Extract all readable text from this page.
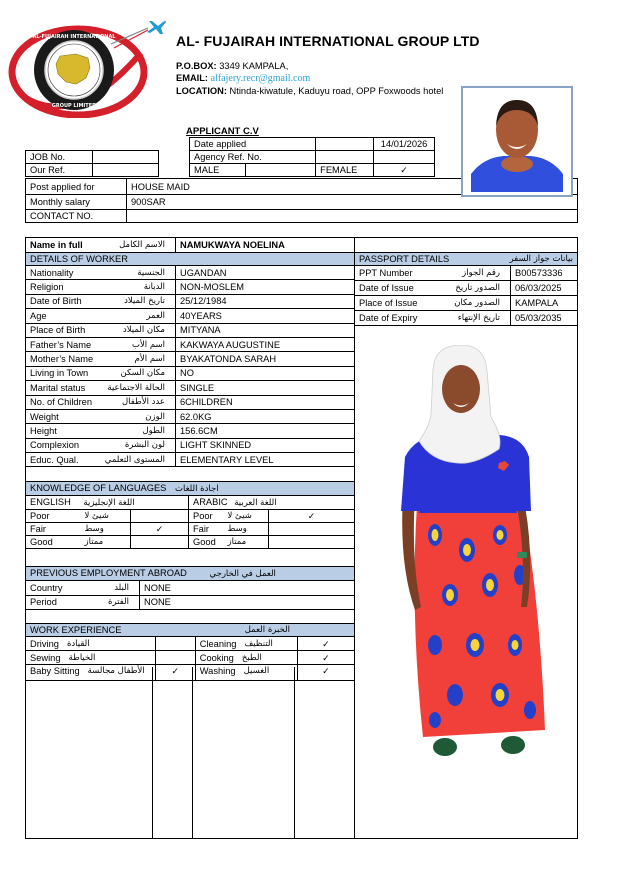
AL-FUJAIRAH INTERNATIONAL
GROUP LIMITED
AL- FUJAIRAH INTERNATIONAL GROUP LTD
P.O.BOX: 3349 KAMPALA,
EMAIL: alfajery.recr@gmail.com
LOCATION: Ntinda-kiwatule, Kaduyu road, OPP Foxwoods hotel
APPLICANT C.V
JOB No.	
Our Ref.	
Date applied			14/01/2026
Agency Ref. No.			
MALE		FEMALE	✓
Post applied for	HOUSE MAID
Monthly salary	900SAR
CONTACT NO.	
Name in full	الاسم الكامل	NAMUKWAYA NOELINA
DETAILS OF WORKER	

Nationality الجنسية	UGANDAN

Religion الديانة	NON-MOSLEM

Date of Birth تاريخ الميلاد	25/12/1984

Age العمر	40YEARS

Place of Birth مكان الميلاد	MITYANA

Father’s Name اسم الأب	KAKWAYA AUGUSTINE

Mother’s Name اسم الأم	BYAKATONDA SARAH

Living in Town مكان السكن	NO

Marital status الحالة الاجتماعية	SINGLE

No. of Children عدد الأطفال	6CHILDREN

Weight الوزن	62.0KG

Height الطول	156.6CM

Complexion لون البشرة	LIGHT SKINNED

Educ. Qual. المستوى التعلمي	ELEMENTARY LEVEL
PASSPORT DETAILS بيانات جواز السفر	

PPT Number رقم الجواز	B00573336

Date of Issue الصدور تاريخ	06/03/2025

Place of Issue الصدور مكان	KAMPALA

Date of Expiry تاريخ الإنتهاء	05/03/2035
KNOWLEDGE OF LANGUAGES اجادة اللغات					
ENGLISH اللغة الإنجليزية			ARABIC اللغة العربية		
Poor	شيئ لا		Poor	شيئ لا	✓
Fair	وسط	✓	Fair	وسط	
Good	ممتاز		Good	ممتاز	
PREVIOUS EMPLOYMENT ABROAD العمل في الخارجي	

Country البلد	NONE

Period الفترة	NONE
WORK EXPERIENCE الخبرة العمل			

Driving القيادة		Cleaning التنظيف	✓

Sewing الخياطة		Cooking الطبخ	✓

Baby Sitting الأطفال مجالسة	✓	Washing الغسيل	✓
